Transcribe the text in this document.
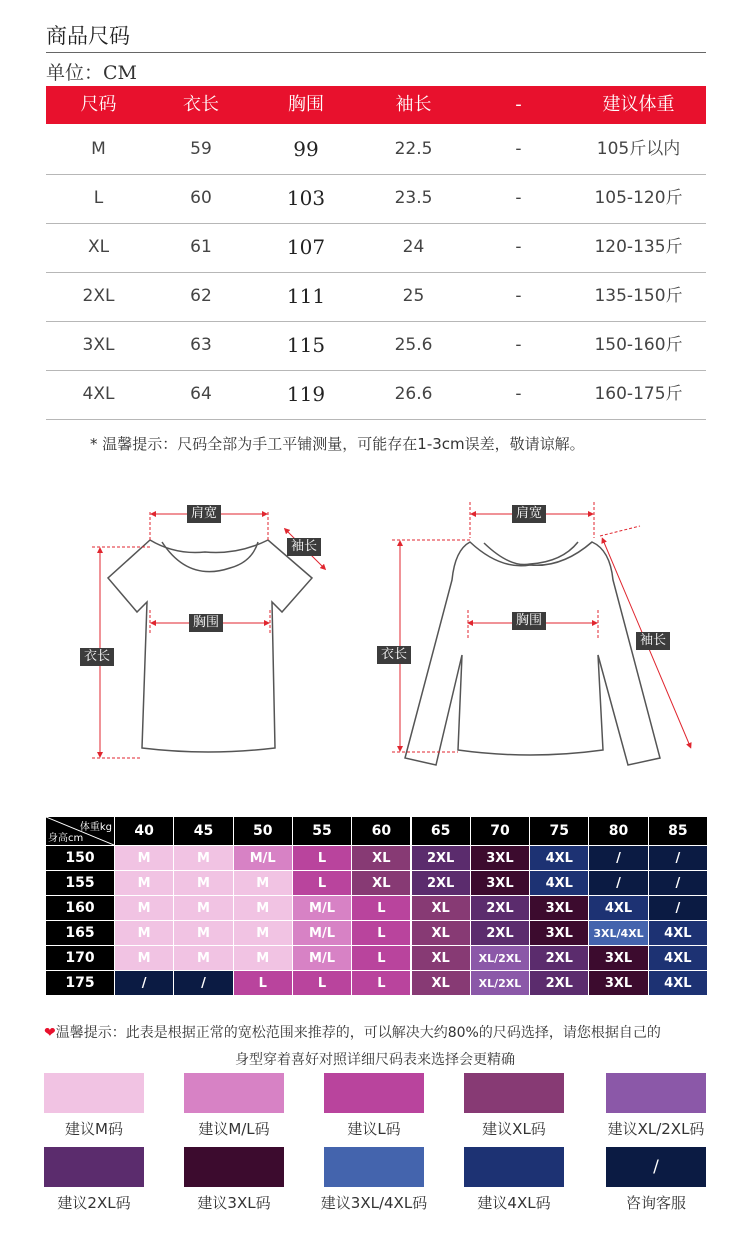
商品尺码
单位：CM
尺码	衣长	胸围	袖长	-	建议体重
M	59	99	22.5	-	105斤以内
L	60	103	23.5	-	105-120斤
XL	61	107	24	-	120-135斤
2XL	62	111	25	-	135-150斤
3XL	63	115	25.6	-	150-160斤
4XL	64	119	26.6	-	160-175斤
* 温馨提示：尺码全部为手工平铺测量，可能存在1-3cm误差，敬请谅解。
肩宽
袖长
胸围
衣长
肩宽
胸围
袖长
衣长
体重kg
身高cm	40	45	50	55	60	65	70	75	80	85
150	M	M	M/L	L	XL	2XL	3XL	4XL	/	/
155	M	M	M	L	XL	2XL	3XL	4XL	/	/
160	M	M	M	M/L	L	XL	2XL	3XL	4XL	/
165	M	M	M	M/L	L	XL	2XL	3XL	3XL/4XL	4XL
170	M	M	M	M/L	L	XL	XL/2XL	2XL	3XL	4XL
175	/	/	L	L	L	XL	XL/2XL	2XL	3XL	4XL
❤温馨提示：此表是根据正常的宽松范围来推荐的，可以解决大约80%的尺码选择，请您根据自己的
身型穿着喜好对照详细尺码表来选择会更精确
建议M码	建议M/L码	建议L码	建议XL码	建议XL/2XL码
建议2XL码	建议3XL码	建议3XL/4XL码	建议4XL码
/
咨询客服
